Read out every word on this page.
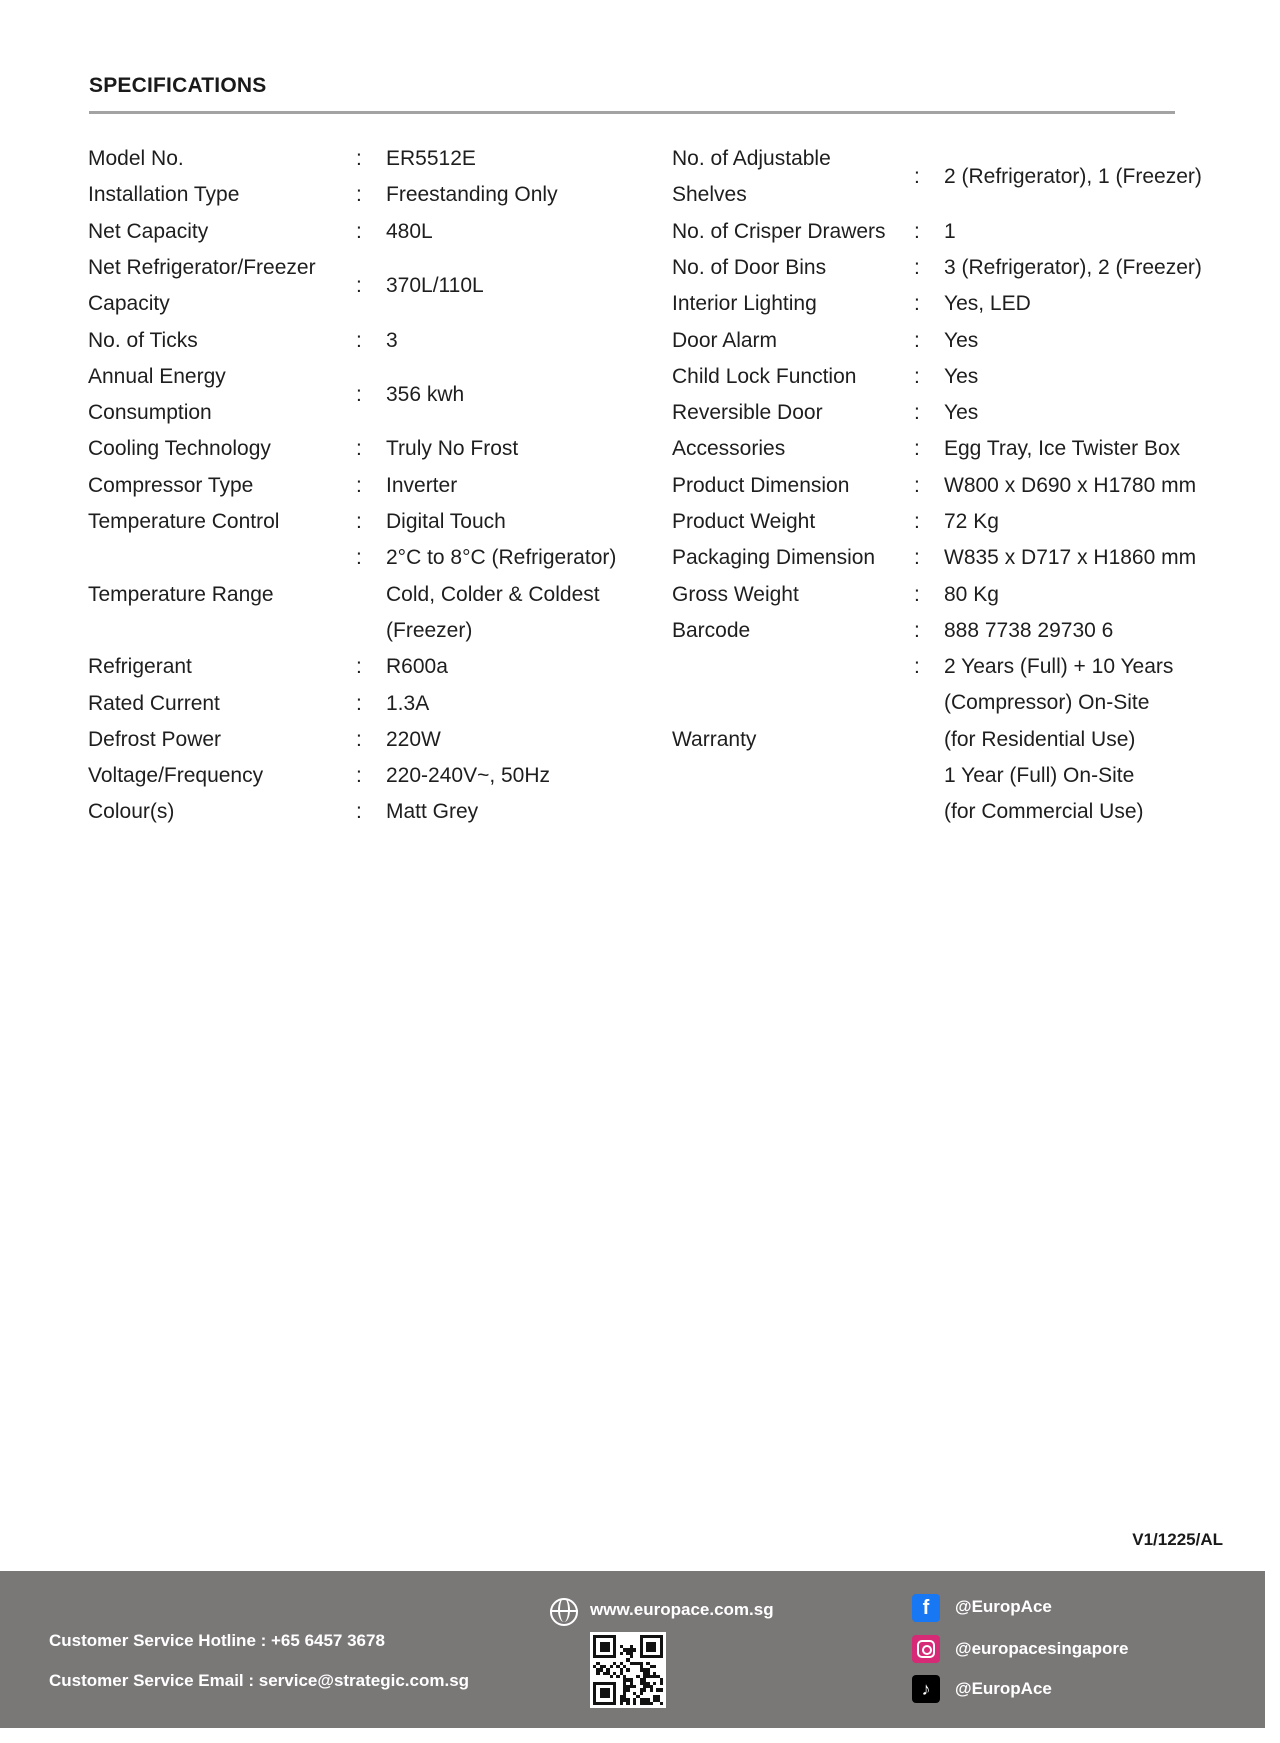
SPECIFICATIONS
Model No.	: ER5512E
Installation Type	: Freestanding Only
Net Capacity	: 480L
Net Refrigerator/Freezer
Capacity
: 370L/110L
No. of Ticks	: 3
Annual Energy
Consumption
: 356 kwh
Cooling Technology	: Truly No Frost
Compressor Type	: Inverter
Temperature Control	: Digital Touch
Temperature Range
: 2°C to 8°C (Refrigerator)
Cold, Colder & Coldest
(Freezer)
Refrigerant	: R600a
Rated Current	: 1.3A
Defrost Power	: 220W
Voltage/Frequency	: 220-240V~, 50Hz
Colour(s)	: Matt Grey
No. of Adjustable
Shelves
: 2 (Refrigerator), 1 (Freezer)
No. of Crisper Drawers : 1
No. of Door Bins	: 3 (Refrigerator), 2 (Freezer)
Interior Lighting	: Yes, LED
Door Alarm	: Yes
Child Lock Function	: Yes
Reversible Door	: Yes
Accessories	: Egg Tray, Ice Twister Box
Product Dimension	: W800 x D690 x H1780 mm
Product Weight	: 72 Kg
Packaging Dimension : W835 x D717 x H1860 mm
Gross Weight	: 80 Kg
Barcode	: 888 7738 29730 6
Warranty
: 2 Years (Full) + 10 Years
(Compressor) On-Site
(for Residential Use)
1 Year (Full) On-Site
(for Commercial Use)
V1/1225/AL
Customer Service Hotline : +65 6457 3678
Customer Service Email : service@strategic.com.sg
www.europace.com.sg	f	@EuropAce
@europacesingapore
♪	@EuropAce
